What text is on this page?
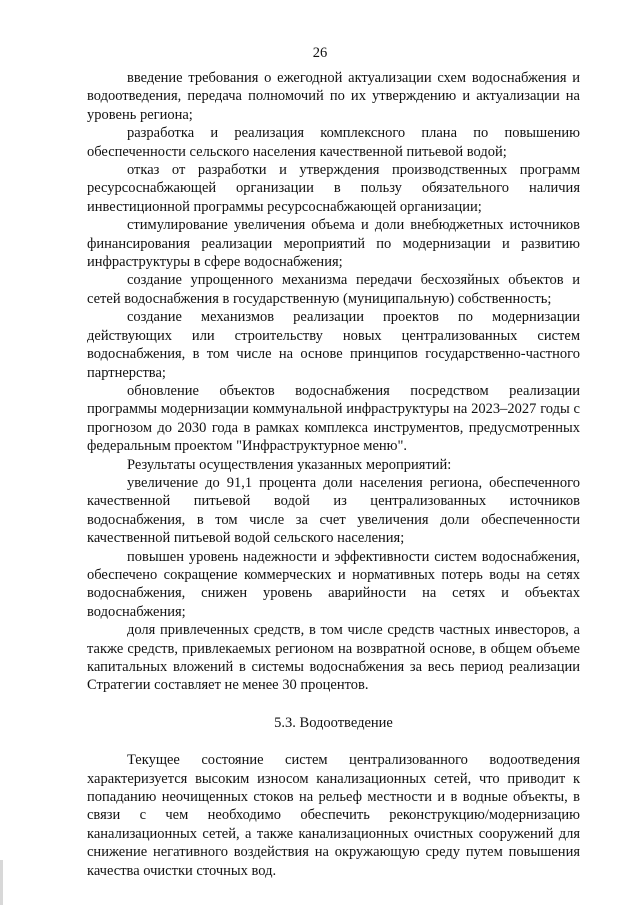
26

введение требования о ежегодной актуализации схем водоснабжения и водоотведения, передача полномочий по их утверждению и актуализации на уровень региона;

разработка и реализация комплексного плана по повышению обеспеченности сельского населения качественной питьевой водой;

отказ от разработки и утверждения производственных программ ресурсоснабжающей организации в пользу обязательного наличия инвестиционной программы ресурсоснабжающей организации;

стимулирование увеличения объема и доли внебюджетных источников финансирования реализации мероприятий по модернизации и развитию инфраструктуры в сфере водоснабжения;

создание упрощенного механизма передачи бесхозяйных объектов и сетей водоснабжения в государственную (муниципальную) собственность;

создание механизмов реализации проектов по модернизации действующих или строительству новых централизованных систем водоснабжения, в том числе на основе принципов государственно-частного партнерства;

обновление объектов водоснабжения посредством реализации программы модернизации коммунальной инфраструктуры на 2023–2027 годы с прогнозом до 2030 года в рамках комплекса инструментов, предусмотренных федеральным проектом "Инфраструктурное меню".

Результаты осуществления указанных мероприятий:

увеличение до 91,1 процента доли населения региона, обеспеченного качественной питьевой водой из централизованных источников водоснабжения, в том числе за счет увеличения доли обеспеченности качественной питьевой водой сельского населения;

повышен уровень надежности и эффективности систем водоснабжения, обеспечено сокращение коммерческих и нормативных потерь воды на сетях водоснабжения, снижен уровень аварийности на сетях и объектах водоснабжения;

доля привлеченных средств, в том числе средств частных инвесторов, а также средств, привлекаемых регионом на возвратной основе, в общем объеме капитальных вложений в системы водоснабжения за весь период реализации Стратегии составляет не менее 30 процентов.

5.3. Водоотведение

Текущее состояние систем централизованного водоотведения характеризуется высоким износом канализационных сетей, что приводит к попаданию неочищенных стоков на рельеф местности и в водные объекты, в связи с чем необходимо обеспечить реконструкцию/модернизацию канализационных сетей, а также канализационных очистных сооружений для снижение негативного воздействия на окружающую среду путем повышения качества очистки сточных вод.
